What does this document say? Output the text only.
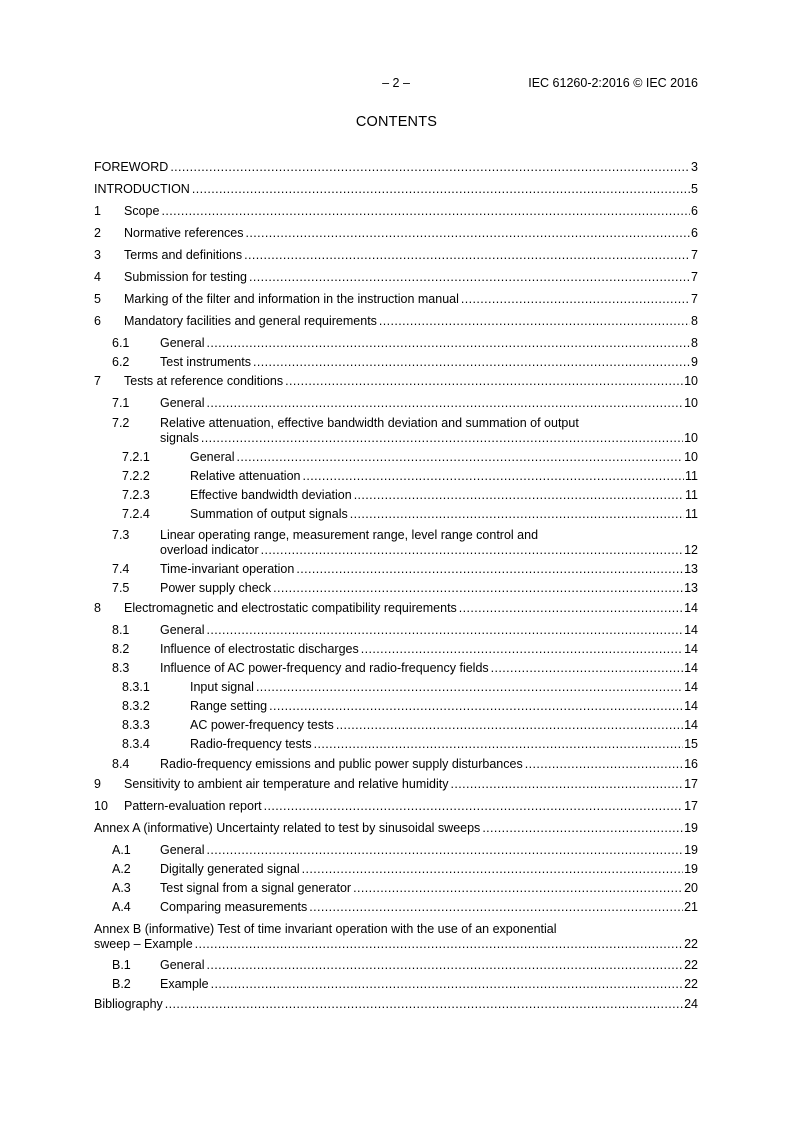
– 2 –	IEC 61260-2:2016 © IEC 2016
CONTENTS
FOREWORD .....	3
INTRODUCTION .....	5
1 Scope .....	6
2 Normative references .....	6
3 Terms and definitions .....	7
4 Submission for testing .....	7
5 Marking of the filter and information in the instruction manual .....	7
6 Mandatory facilities and general requirements .....	8
6.1 General .....	8
6.2 Test instruments .....	9
7 Tests at reference conditions .....	10
7.1 General .....	10
7.2 Relative attenuation, effective bandwidth deviation and summation of output
signals .....	10
7.2.1	General .....	10
7.2.2	Relative attenuation .....	11
7.2.3	Effective bandwidth deviation .....	11
7.2.4	Summation of output signals .....	11
7.3 Linear operating range, measurement range, level range control and
overload indicator .....	12
7.4 Time-invariant operation .....	13
7.5 Power supply check .....	13
8 Electromagnetic and electrostatic compatibility requirements .....	14
8.1 General .....	14
8.2 Influence of electrostatic discharges .....	14
8.3 Influence of AC power-frequency and radio-frequency fields .....	14
8.3.1	Input signal .....	14
8.3.2	Range setting .....	14
8.3.3	AC power-frequency tests .....	14
8.3.4	Radio-frequency tests .....	15
8.4 Radio-frequency emissions and public power supply disturbances .....	16
9 Sensitivity to ambient air temperature and relative humidity .....	17
10 Pattern-evaluation report .....	17
Annex A (informative) Uncertainty related to test by sinusoidal sweeps .....	19
A.1 General .....	19
A.2 Digitally generated signal .....	19
A.3 Test signal from a signal generator .....	20
A.4 Comparing measurements .....	21
Annex B (informative) Test of time invariant operation with the use of an exponential
sweep – Example .....	22
B.1 General .....	22
B.2 Example .....	22
Bibliography .....	24
